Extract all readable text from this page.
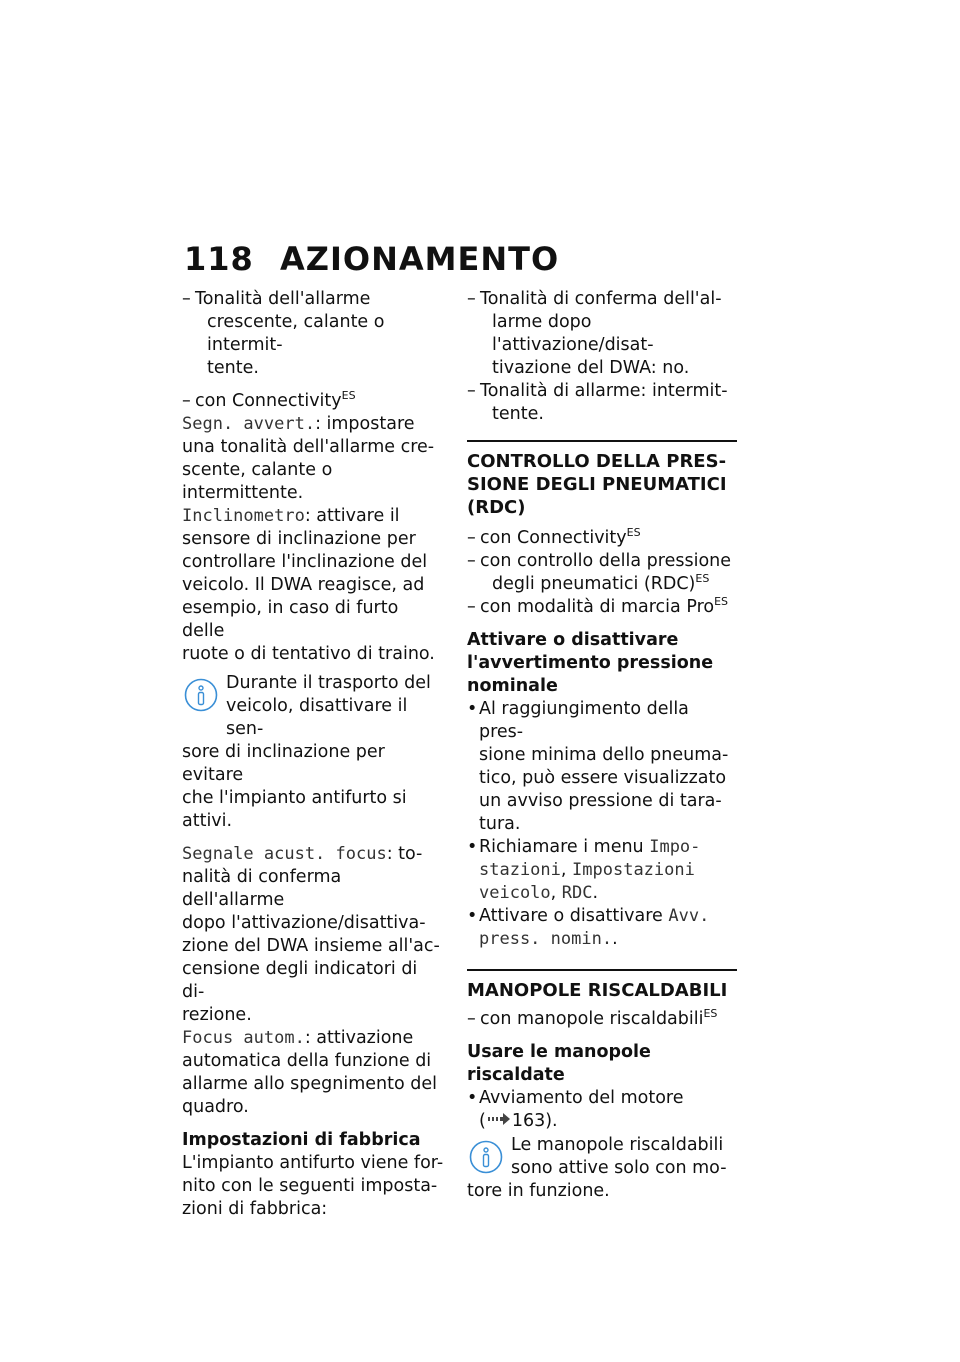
118 AZIONAMENTO
– Tonalità dell'allarme
crescente, calante o intermit-
tente.
– con Connectivity$^{ES}$

Segn. avvert.: impostare
una tonalità dell'allarme cre-
scente, calante o intermittente.

Inclinometro: attivare il
sensore di inclinazione per
controllare l'inclinazione del
veicolo. Il DWA reagisce, ad
esempio, in caso di furto delle
ruote o di tentativo di traino.

Durante il trasporto del
veicolo, disattivare il sen-
sore di inclinazione per evitare
che l'impianto antifurto si attivi.

Segnale acust. focus: to-
nalità di conferma dell'allarme
dopo l'attivazione/disattiva-
zione del DWA insieme all'ac-
censione degli indicatori di di-
rezione.

Focus autom.: attivazione
automatica della funzione di
allarme allo spegnimento del
quadro.

Impostazioni di fabbrica

L'impianto antifurto viene for-
nito con le seguenti imposta-
zioni di fabbrica:

– Tonalità di conferma dell'al-
larme dopo l'attivazione/disat-
tivazione del DWA: no.
– Tonalità di allarme: intermit-
tente.
CONTROLLO DELLA PRES-
SIONE DEGLI PNEUMATICI
(RDC)
– con Connectivity$^{ES}$
– con controllo della pressione
degli pneumatici (RDC)$^{ES}$
– con modalità di marcia Pro$^{ES}$
Attivare o disattivare
l'avvertimento pressione
nominale
• Al raggiungimento della pres-
sione minima dello pneuma-
tico, può essere visualizzato
un avviso pressione di tara-
tura.
• Richiamare i menu Impo-
stazioni, Impostazioni
veicolo, RDC.
• Attivare o disattivare Avv.
press. nomin..
MANOPOLE RISCALDABILI
– con manopole riscaldabili$^{ES}$
Usare le manopole riscaldate
• Avviamento del motore
( 163).
Le manopole riscaldabili
sono attive solo con mo-
tore in funzione.
